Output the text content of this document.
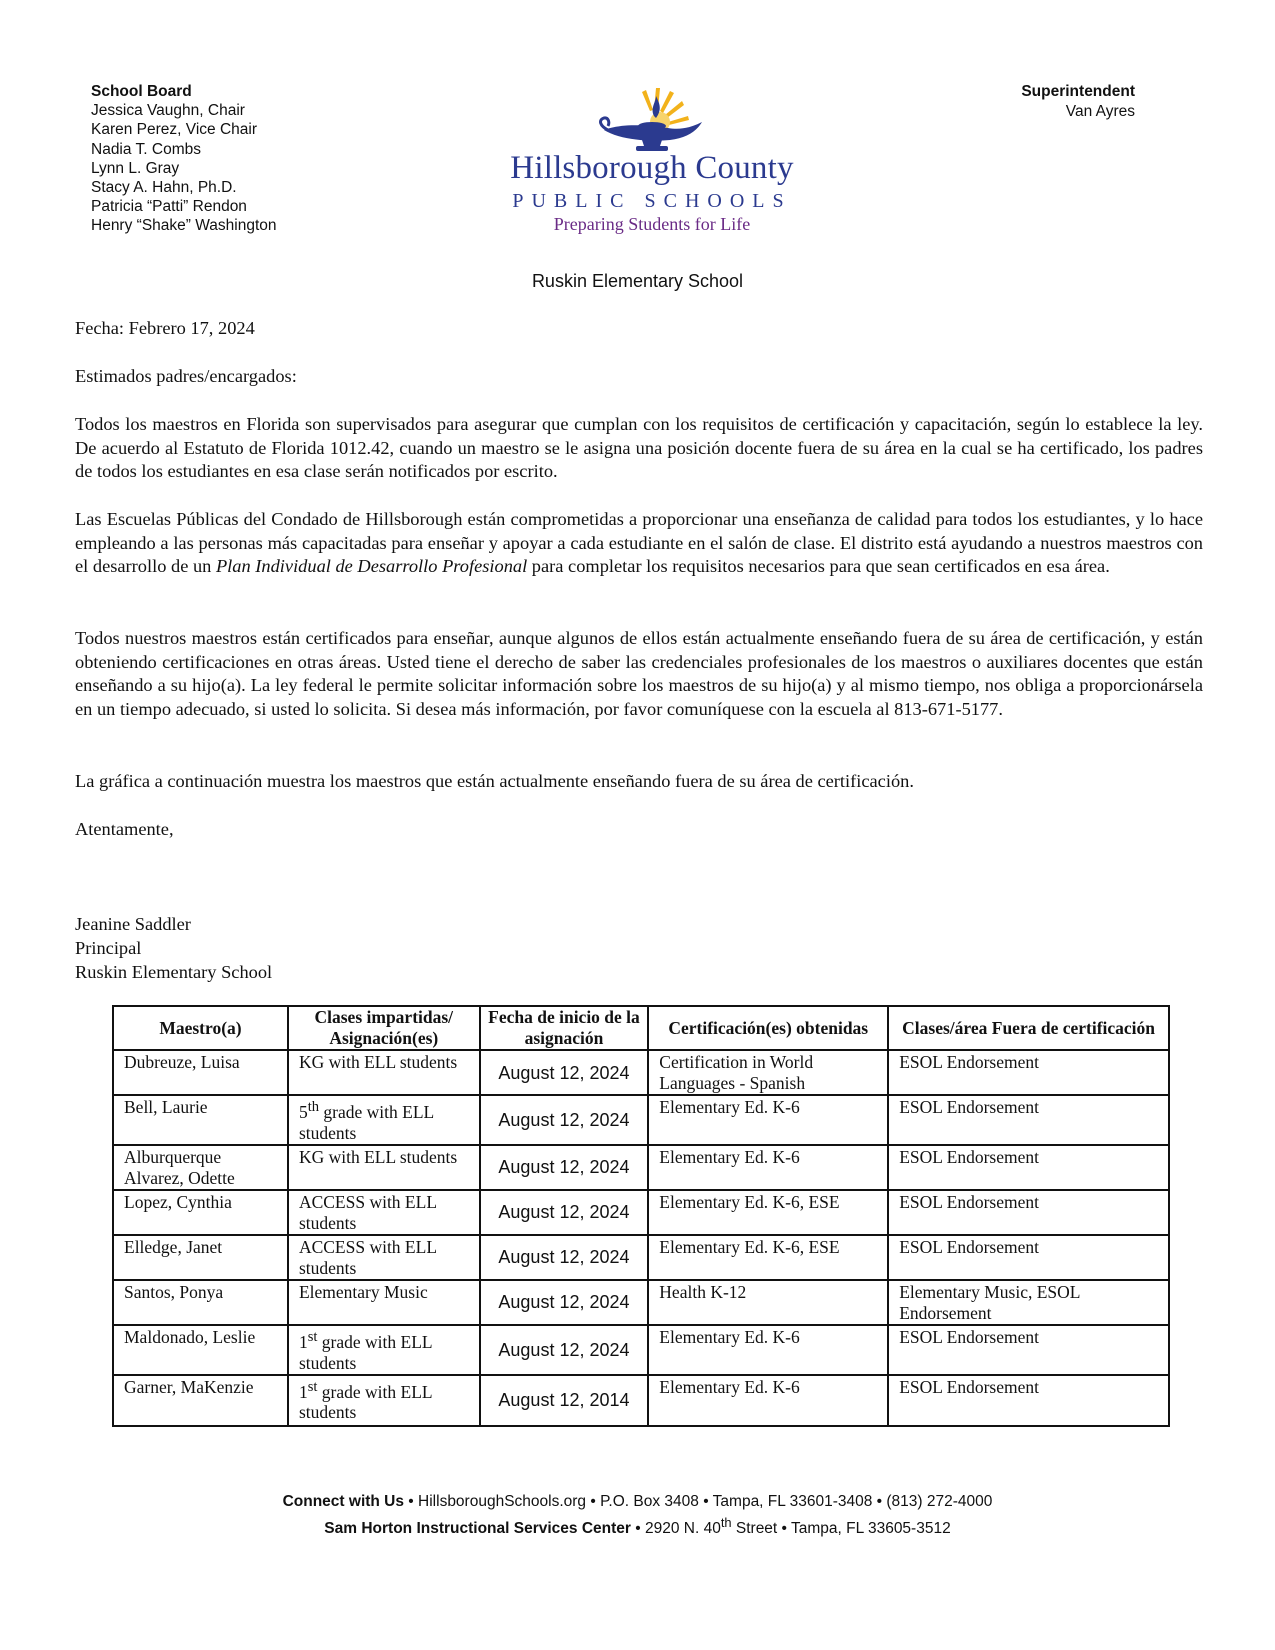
School Board
Jessica Vaughn, Chair
Karen Perez, Vice Chair
Nadia T. Combs
Lynn L. Gray
Stacy A. Hahn, Ph.D.
Patricia “Patti” Rendon
Henry “Shake” Washington
Hillsborough County
PUBLIC SCHOOLS
Preparing Students for Life
Superintendent
Van Ayres
Ruskin Elementary School
Fecha: Febrero 17, 2024
Estimados padres/encargados:
Todos los maestros en Florida son supervisados para asegurar que cumplan con los requisitos de certificación y capacitación, según lo establece la ley. De acuerdo al Estatuto de Florida 1012.42, cuando un maestro se le asigna una posición docente fuera de su área en la cual se ha certificado, los padres de todos los estudiantes en esa clase serán notificados por escrito.
Las Escuelas Públicas del Condado de Hillsborough están comprometidas a proporcionar una enseñanza de calidad para todos los estudiantes, y lo hace empleando a las personas más capacitadas para enseñar y apoyar a cada estudiante en el salón de clase. El distrito está ayudando a nuestros maestros con el desarrollo de un Plan Individual de Desarrollo Profesional para completar los requisitos necesarios para que sean certificados en esa área.
Todos nuestros maestros están certificados para enseñar, aunque algunos de ellos están actualmente enseñando fuera de su área de certificación, y están obteniendo certificaciones en otras áreas. Usted tiene el derecho de saber las credenciales profesionales de los maestros o auxiliares docentes que están enseñando a su hijo(a). La ley federal le permite solicitar información sobre los maestros de su hijo(a) y al mismo tiempo, nos obliga a proporcionársela en un tiempo adecuado, si usted lo solicita. Si desea más información, por favor comuníquese con la escuela al 813-671-5177.
La gráfica a continuación muestra los maestros que están actualmente enseñando fuera de su área de certificación.
Atentamente,
Jeanine Saddler
Principal
Ruskin Elementary School
Maestro(a)	Clases impartidas/ Asignación(es)	Fecha de inicio de la asignación	Certificación(es) obtenidas	Clases/área Fuera de certificación
Dubreuze, Luisa	KG with ELL students	August 12, 2024	Certification in World Languages - Spanish	ESOL Endorsement
Bell, Laurie	5th grade with ELL students	August 12, 2024	Elementary Ed. K-6	ESOL Endorsement
Alburquerque Alvarez, Odette	KG with ELL students	August 12, 2024	Elementary Ed. K-6	ESOL Endorsement
Lopez, Cynthia	ACCESS with ELL students	August 12, 2024	Elementary Ed. K-6, ESE	ESOL Endorsement
Elledge, Janet	ACCESS with ELL students	August 12, 2024	Elementary Ed. K-6, ESE	ESOL Endorsement
Santos, Ponya	Elementary Music	August 12, 2024	Health K-12	Elementary Music, ESOL Endorsement
Maldonado, Leslie	1st grade with ELL students	August 12, 2024	Elementary Ed. K-6	ESOL Endorsement
Garner, MaKenzie	1st grade with ELL students	August 12, 2014	Elementary Ed. K-6	ESOL Endorsement
Connect with Us • HillsboroughSchools.org • P.O. Box 3408 • Tampa, FL 33601-3408 • (813) 272-4000
Sam Horton Instructional Services Center • 2920 N. 40th Street • Tampa, FL 33605-3512
